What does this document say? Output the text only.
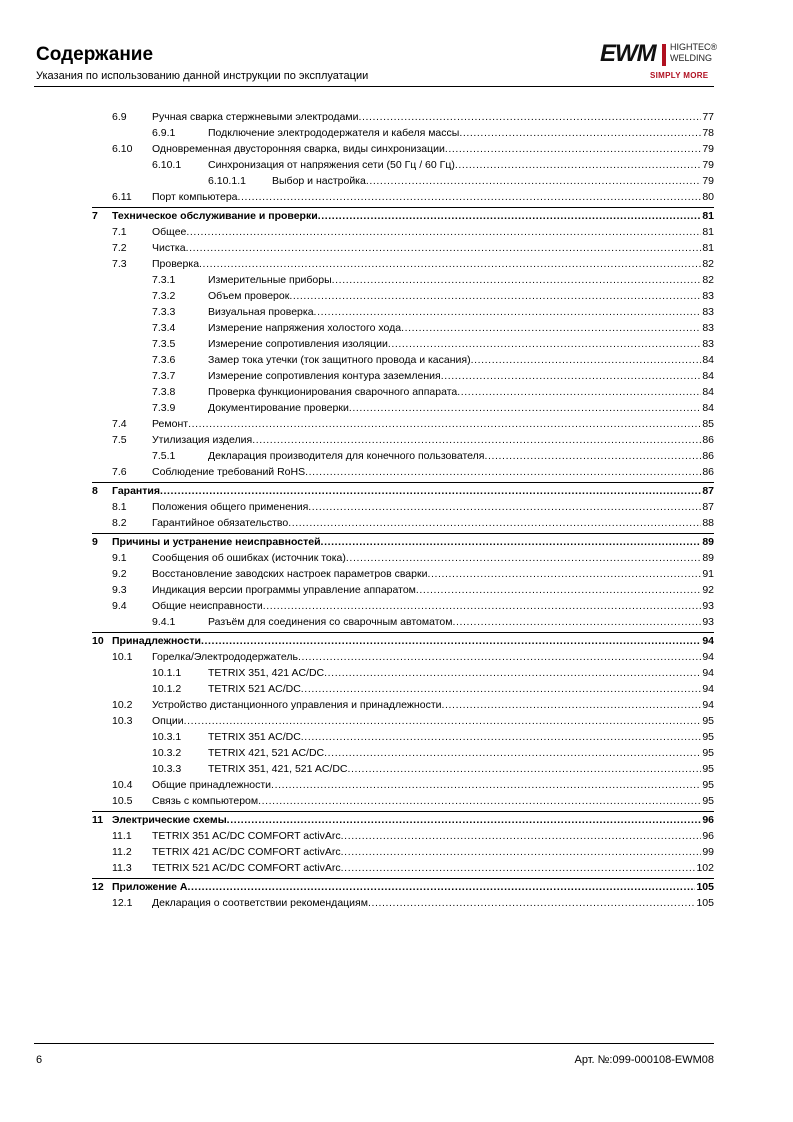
Содержание
Указания по использованию данной инструкции по эксплуатации
EWM HIGHTEC®
WELDING
SIMPLY MORE
6.9 Ручная сварка стержневыми электродами .....	77
6.9.1	Подключение электрододержателя и кабеля массы .....	78
6.10 Одновременная двусторонняя сварка, виды синхронизации .....	79
6.10.1	Синхронизация от напряжения сети (50 Гц / 60 Гц) .....	79
6.10.1.1 Выбор и настройка .....	79
6.11 Порт компьютера .....	80
7 Техническое обслуживание и проверки .....	81
7.1 Общее .....	81
7.2 Чистка .....	81
7.3 Проверка .....	82
7.3.1	Измерительные приборы .....	82
7.3.2	Объем проверок .....	83
7.3.3	Визуальная проверка .....	83
7.3.4	Измерение напряжения холостого хода .....	83
7.3.5	Измерение сопротивления изоляции .....	83
7.3.6	Замер тока утечки (ток защитного провода и касания) .....	84
7.3.7	Измерение сопротивления контура заземления .....	84
7.3.8	Проверка функционирования сварочного аппарата .....	84
7.3.9	Документирование проверки .....	84
7.4 Ремонт .....	85
7.5 Утилизация изделия .....	86
7.5.1	Декларация производителя для конечного пользователя .....	86
7.6 Соблюдение требований RoHS .....	86
8 Гарантия .....	87
8.1 Положения общего применения .....	87
8.2 Гарантийное обязательство .....	88
9 Причины и устранение неисправностей .....	89
9.1 Сообщения об ошибках (источник тока) .....	89
9.2 Восстановление заводских настроек параметров сварки .....	91
9.3 Индикация версии программы управление аппаратом .....	92
9.4 Общие неисправности .....	93
9.4.1	Разъём для соединения со сварочным автоматом .....	93
10 Принадлежности .....	94
10.1 Горелка/Электрододержатель .....	94
10.1.1	TETRIX 351, 421 AC/DC .....	94
10.1.2	TETRIX 521 AC/DC .....	94
10.2 Устройство дистанционного управления и принадлежности .....	94
10.3 Опции .....	95
10.3.1	TETRIX 351 AC/DC .....	95
10.3.2	TETRIX 421, 521 AC/DC .....	95
10.3.3	TETRIX 351, 421, 521 AC/DC .....	95
10.4 Общие принадлежности .....	95
10.5 Связь с компьютером .....	95
11 Электрические схемы .....	96
11.1 TETRIX 351 AC/DC COMFORT activArc .....	96
11.2 TETRIX 421 AC/DC COMFORT activArc .....	99
11.3 TETRIX 521 AC/DC COMFORT activArc .....	102
12 Приложение A .....	105
12.1 Декларация о соответствии рекомендациям .....	105
6	Арт. №:099-000108-EWM08
